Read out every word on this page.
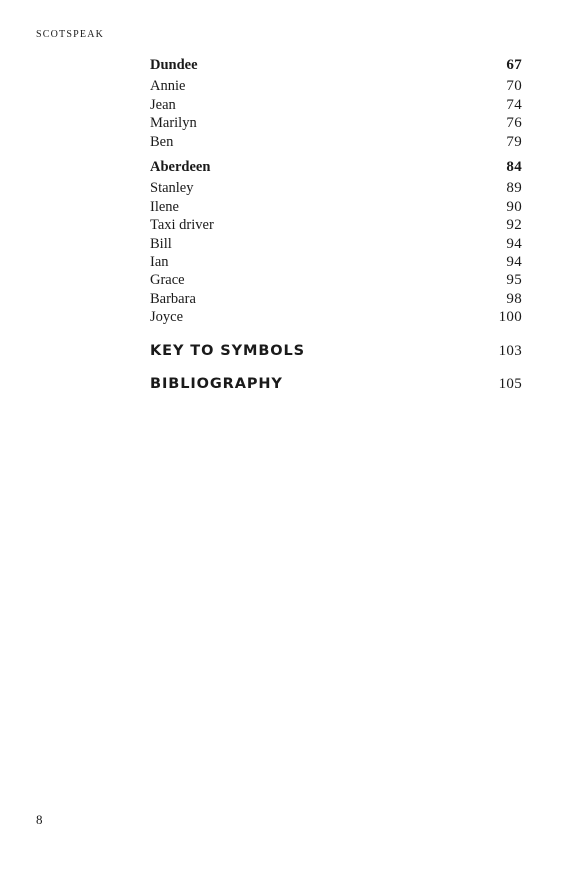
SCOTSPEAK
Dundee	67
Annie	70
Jean	74
Marilyn	76
Ben	79
Aberdeen	84
Stanley	89
Ilene	90
Taxi driver	92
Bill	94
Ian	94
Grace	95
Barbara	98
Joyce	100
KEY TO SYMBOLS	103
BIBLIOGRAPHY	105
8
